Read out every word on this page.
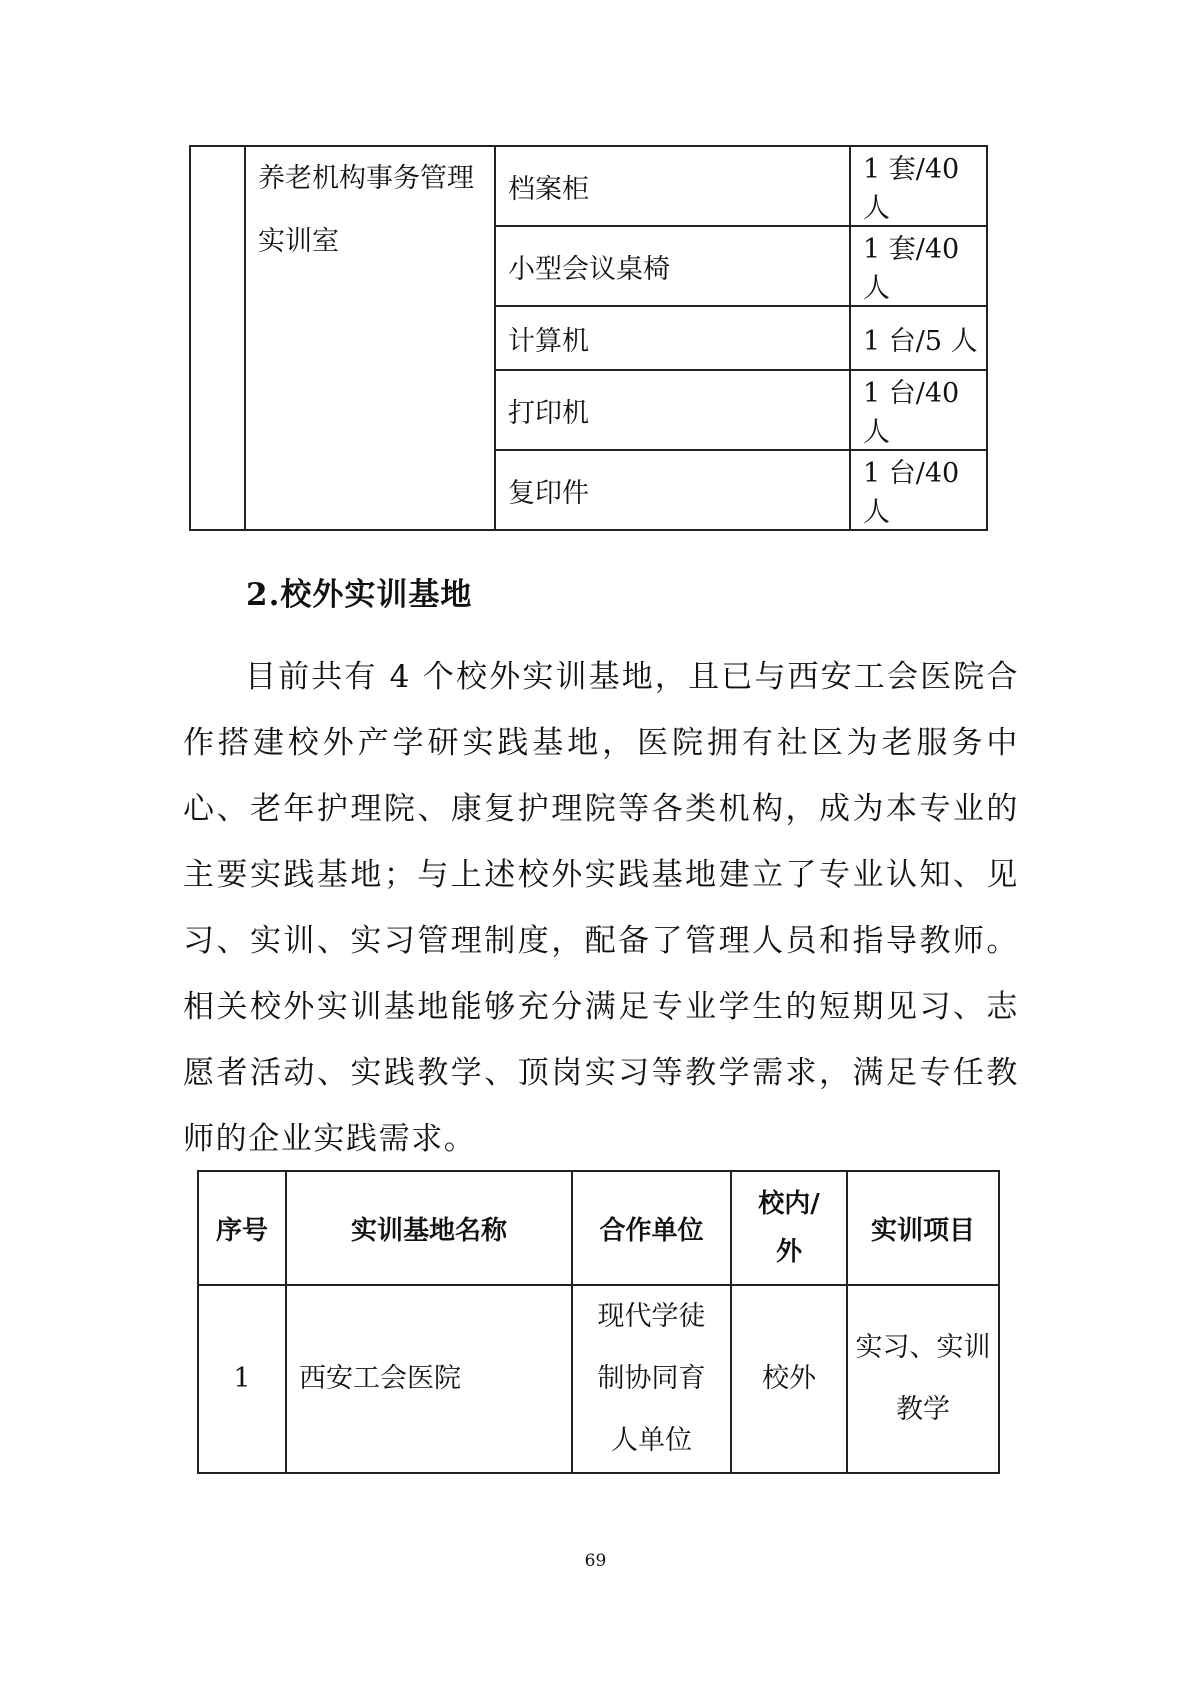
	养老机构事务管理实训室	档案柜	1 套/40 人
		小型会议桌椅	1 套/40 人
		计算机	1 台/5 人
		打印机	1 台/40 人
		复印件	1 台/40 人
2.校外实训基地

目前共有 4 个校外实训基地，且已与西安工会医院合作搭建校外产学研实践基地，医院拥有社区为老服务中心、老年护理院、康复护理院等各类机构，成为本专业的主要实践基地；与上述校外实践基地建立了专业认知、见习、实训、实习管理制度，配备了管理人员和指导教师。相关校外实训基地能够充分满足专业学生的短期见习、志愿者活动、实践教学、顶岗实习等教学需求，满足专任教师的企业实践需求。

序号	实训基地名称	合作单位	校内/外	实训项目
1	西安工会医院	现代学徒制协同育人单位	校外	实习、实训教学
69
